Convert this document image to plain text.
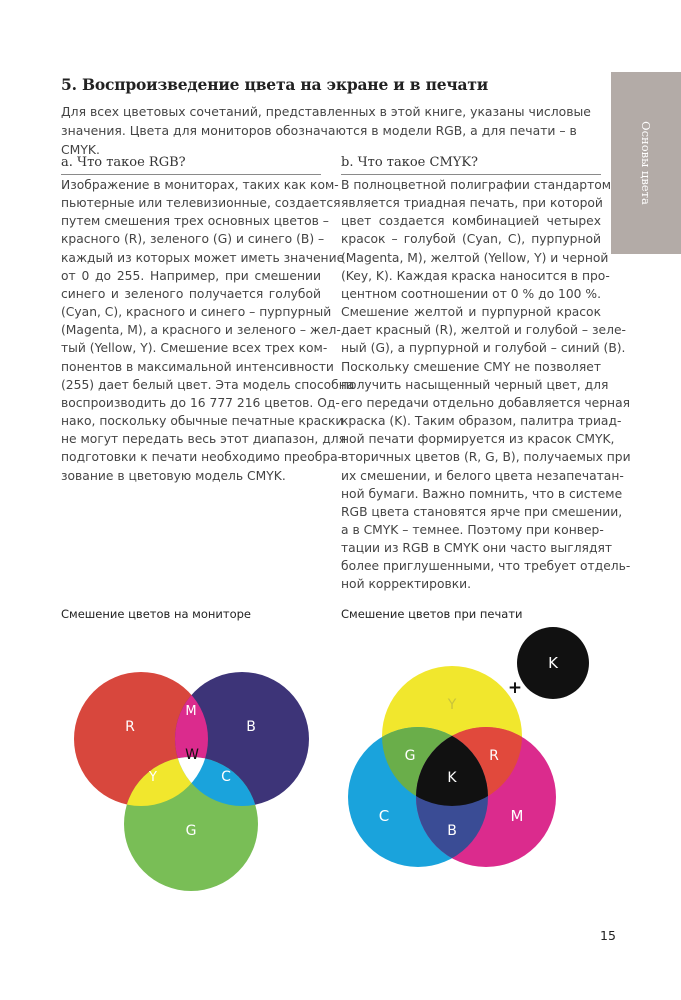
5. Воспроизведение цвета на экране и в печати

Для всех цветовых сочетаний, представленных в этой книге, указаны числовые значения. Цвета для мониторов обозначаются в модели RGB, а для печати – в CMYK.	Основы цвета
a. Что такое RGB?
Изображение в мониторах, таких как ком-
пьютерные или телевизионные, создается
путем смешения трех основных цветов –
красного (R), зеленого (G) и синего (B) –
каждый из которых может иметь значение
от 0 до 255. Например, при смешении
синего и зеленого получается голубой
(Cyan, C), красного и синего – пурпурный
(Magenta, M), а красного и зеленого – жел-
тый (Yellow, Y). Смешение всех трех ком-
понентов в максимальной интенсивности
(255) дает белый цвет. Эта модель способна
воспроизводить до 16 777 216 цветов. Од-
нако, поскольку обычные печатные краски
не могут передать весь этот диапазон, для
подготовки к печати необходимо преобра-
зование в цветовую модель CMYK.
b. Что такое CMYK?
В полноцветной полиграфии стандартом
является триадная печать, при которой
цвет создается комбинацией четырех
красок – голубой (Cyan, C), пурпурной
(Magenta, M), желтой (Yellow, Y) и черной
(Key, K). Каждая краска наносится в про-
центном соотношении от 0 % до 100 %.
Смешение желтой и пурпурной красок
дает красный (R), желтой и голубой – зеле-
ный (G), а пурпурной и голубой – синий (B).
Поскольку смешение CMY не позволяет
получить насыщенный черный цвет, для
его передачи отдельно добавляется черная
краска (K). Таким образом, палитра триад-
ной печати формируется из красок CMYK,
вторичных цветов (R, G, B), получаемых при
их смешении, и белого цвета незапечатан-
ной бумаги. Важно помнить, что в системе
RGB цвета становятся ярче при смешении,
а в CMYK – темнее. Поэтому при конвер-
тации из RGB в CMYK они часто выглядят
более приглушенными, что требует отдель-
ной корректировки.
Смешение цветов на мониторе	Смешение цветов при печати
R	B
M
W
Y	C
G
+
K
Y
G	R
K
C	M
B
15
